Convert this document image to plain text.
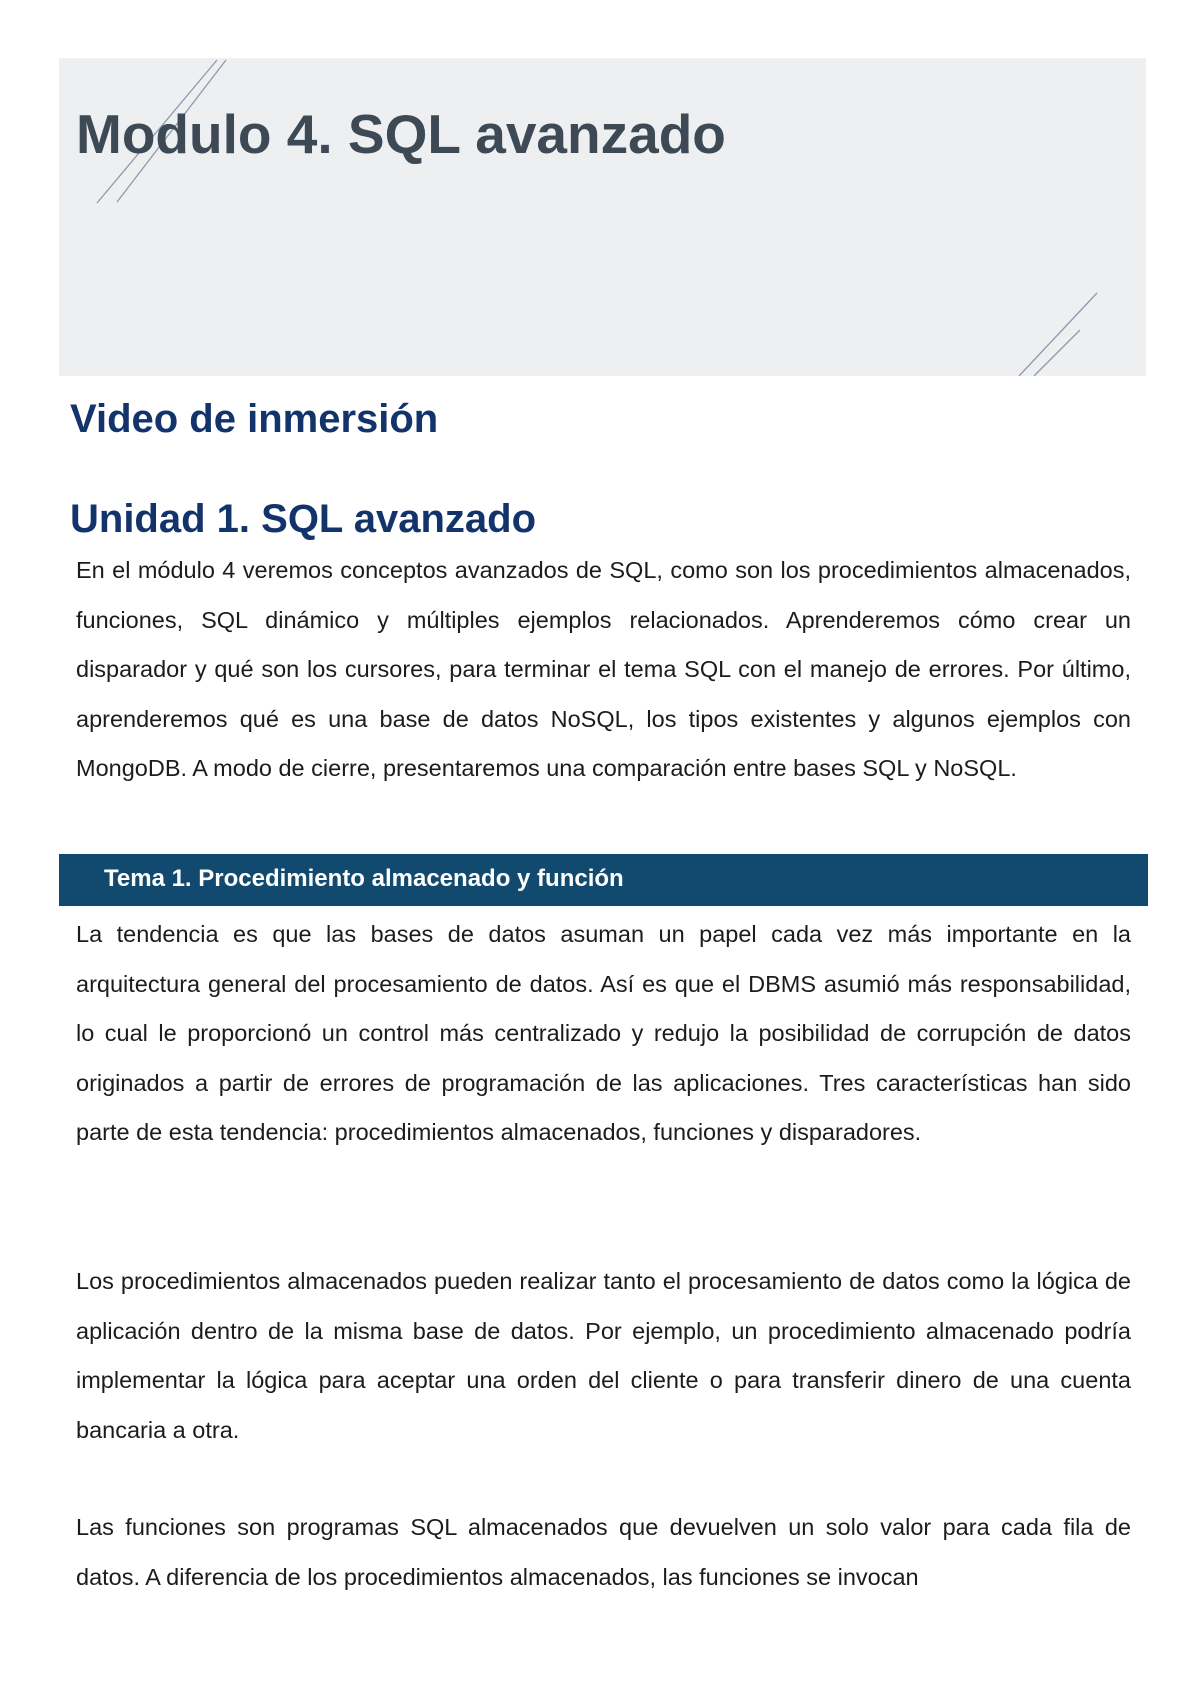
Modulo 4. SQL avanzado
Video de inmersión
Unidad 1. SQL avanzado

En el módulo 4 veremos conceptos avanzados de SQL, como son los procedimientos almacenados, funciones, SQL dinámico y múltiples ejemplos relacionados. Aprenderemos cómo crear un disparador y qué son los cursores, para terminar el tema SQL con el manejo de errores. Por último, aprenderemos qué es una base de datos NoSQL, los tipos existentes y algunos ejemplos con MongoDB. A modo de cierre, presentaremos una comparación entre bases SQL y NoSQL.

Tema 1. Procedimiento almacenado y función

La tendencia es que las bases de datos asuman un papel cada vez más importante en la arquitectura general del procesamiento de datos. Así es que el DBMS asumió más responsabilidad, lo cual le proporcionó un control más centralizado y redujo la posibilidad de corrupción de datos originados a partir de errores de programación de las aplicaciones. Tres características han sido parte de esta tendencia: procedimientos almacenados, funciones y disparadores.

Los procedimientos almacenados pueden realizar tanto el procesamiento de datos como la lógica de aplicación dentro de la misma base de datos. Por ejemplo, un procedimiento almacenado podría implementar la lógica para aceptar una orden del cliente o para transferir dinero de una cuenta bancaria a otra.

Las funciones son programas SQL almacenados que devuelven un solo valor para cada fila de datos. A diferencia de los procedimientos almacenados, las funciones se invocan
